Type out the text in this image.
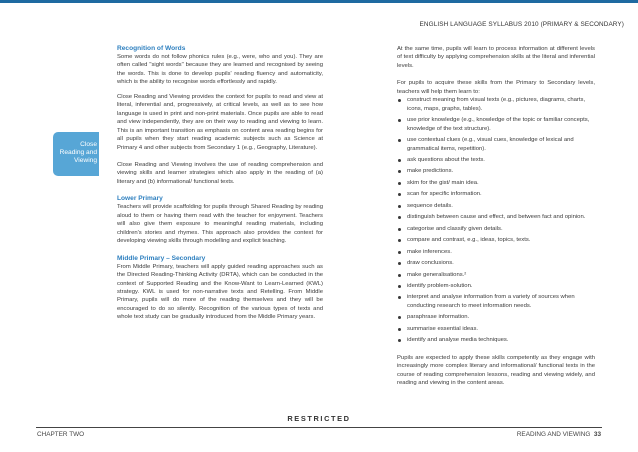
ENGLISH LANGUAGE SYLLABUS 2010 (PRIMARY & SECONDARY)
Close
Reading and
Viewing

Recognition of Words

Some words do not follow phonics rules (e.g., were, who and you). They are often called "sight words" because they are learned and recognised by seeing the words. This is done to develop pupils' reading fluency and automaticity, which is the ability to recognise words effortlessly and rapidly.

Close Reading and Viewing provides the context for pupils to read and view at literal, inferential and, progressively, at critical levels, as well as to see how language is used in print and non-print materials. Once pupils are able to read and view independently, they are on their way to reading and viewing to learn. This is an important transition as emphasis on content area reading begins for all pupils when they start reading academic subjects such as Science at Primary 4 and other subjects from Secondary 1 (e.g., Geography, Literature).

Close Reading and Viewing involves the use of reading comprehension and viewing skills and learner strategies which also apply in the reading of (a) literary and (b) informational/ functional texts.

Lower Primary

Teachers will provide scaffolding for pupils through Shared Reading by reading aloud to them or having them read with the teacher for enjoyment. Teachers will also give them exposure to meaningful reading materials, including children's stories and rhymes. This approach also provides the context for developing viewing skills through modelling and explicit teaching.

Middle Primary – Secondary

From Middle Primary, teachers will apply guided reading approaches such as the Directed Reading-Thinking Activity (DRTA), which can be conducted in the context of Supported Reading and the Know-Want to Learn-Learned (KWL) strategy. KWL is used for non-narrative texts and Retelling. From Middle Primary, pupils will do more of the reading themselves and they will be encouraged to do so silently. Recognition of the various types of texts and whole text study can be gradually introduced from the Middle Primary years.

At the same time, pupils will learn to process information at different levels of text difficulty by applying comprehension skills at the literal and inferential levels.

For pupils to acquire these skills from the Primary to Secondary levels, teachers will help them learn to:

construct meaning from visual texts (e.g., pictures, diagrams, charts, icons, maps, graphs, tables).
use prior knowledge (e.g., knowledge of the topic or familiar concepts, knowledge of the text structure).
use contextual clues (e.g., visual cues, knowledge of lexical and grammatical items, repetition).
ask questions about the texts.
make predictions.
skim for the gist/ main idea.
scan for specific information.
sequence details.
distinguish between cause and effect, and between fact and opinion.
categorise and classify given details.
compare and contrast, e.g., ideas, topics, texts.
make inferences.
draw conclusions.
make generalisations.²
identify problem-solution.
interpret and analyse information from a variety of sources when conducting research to meet information needs.
paraphrase information.
summarise essential ideas.
identify and analyse media techniques.

Pupils are expected to apply these skills competently as they engage with increasingly more complex literary and informational/ functional texts in the course of reading comprehension lessons, reading and viewing widely, and reading and viewing in the content areas.

RESTRICTED
CHAPTER TWO	READING AND VIEWING 33
